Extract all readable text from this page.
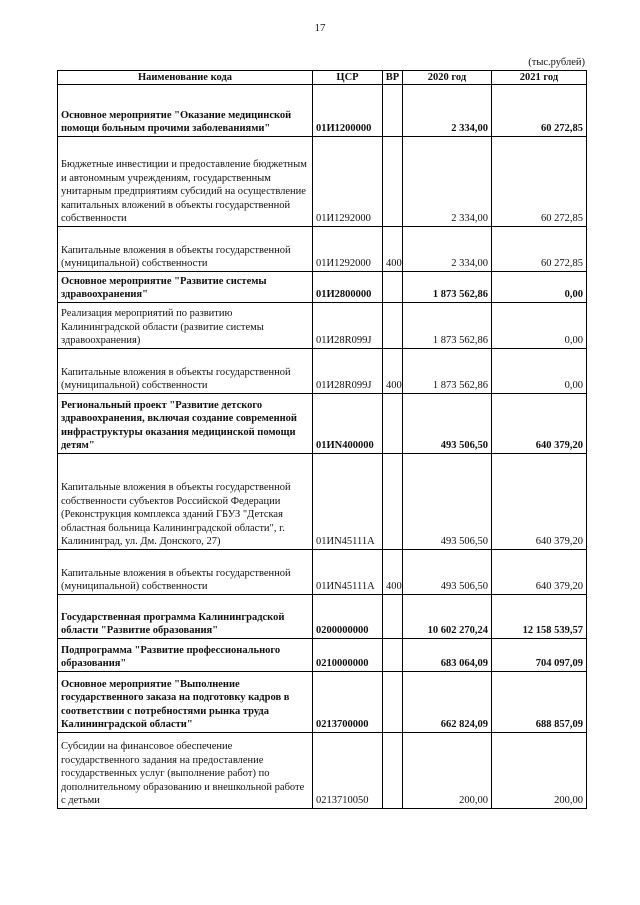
17
(тыс.рублей)
Наименование кода	ЦСР	ВР	2020 год	2021 год
Основное мероприятие "Оказание медицинской помощи больным прочими заболеваниями"	01И1200000		2 334,00	60 272,85
Бюджетные инвестиции и предоставление бюджетным и автономным учреждениям, государственным унитарным предприятиям субсидий на осуществление капитальных вложений в объекты государственной собственности	01И1292000		2 334,00	60 272,85
Капитальные вложения в объекты государственной (муниципальной) собственности	01И1292000	400	2 334,00	60 272,85
Основное мероприятие "Развитие системы здравоохранения"	01И2800000		1 873 562,86	0,00
Реализация мероприятий по развитию Калининградской области (развитие системы здравоохранения)	01И28R099J		1 873 562,86	0,00
Капитальные вложения в объекты государственной (муниципальной) собственности	01И28R099J	400	1 873 562,86	0,00
Региональный проект "Развитие детского здравоохранения, включая создание современной инфраструктуры оказания медицинской помощи детям"	01ИN400000		493 506,50	640 379,20
Капитальные вложения в объекты государственной собственности субъектов Российской Федерации (Реконструкция комплекса зданий ГБУЗ "Детская областная больница Калининградской области", г. Калининград, ул. Дм. Донского, 27)	01ИN45111A		493 506,50	640 379,20
Капитальные вложения в объекты государственной (муниципальной) собственности	01ИN45111A	400	493 506,50	640 379,20
Государственная программа Калининградской области "Развитие образования"	0200000000		10 602 270,24	12 158 539,57
Подпрограмма "Развитие профессионального образования"	0210000000		683 064,09	704 097,09
Основное мероприятие "Выполнение государственного заказа на подготовку кадров в соответствии с потребностями рынка труда Калининградской области"	0213700000		662 824,09	688 857,09
Субсидии на финансовое обеспечение государственного задания на предоставление государственных услуг (выполнение работ) по дополнительному образованию и внешкольной работе с детьми	0213710050		200,00	200,00
